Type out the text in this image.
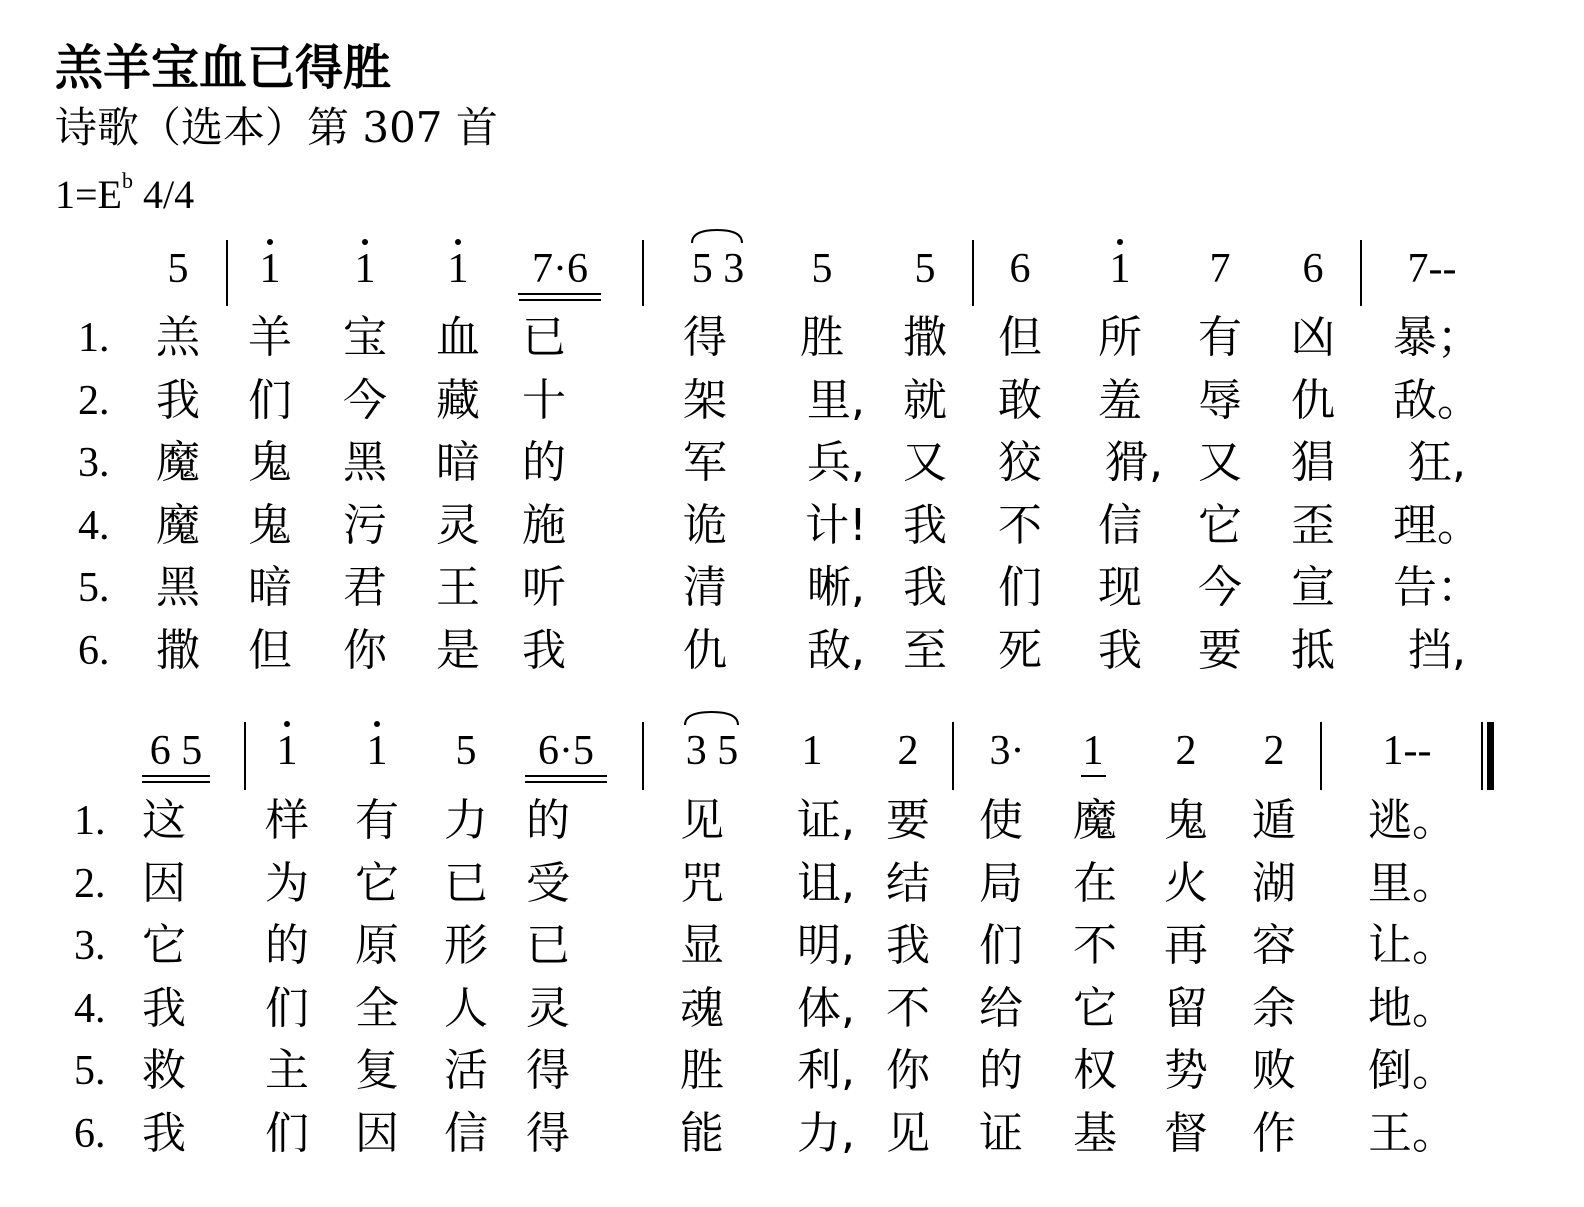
羔羊宝血已得胜
诗歌（选本）第 307 首
$1=E^b$ 4/4
5 1 1 1 7·6 5 3 5 5 6 1 7 6 7--
1. 羔 羊 宝 血 已	得 胜 撒 但 所 有 凶 暴；
2. 我 们 今 藏 十	架 里, 就 敢 羞 辱 仇 敌。
3. 魔 鬼 黑 暗 的	军 兵, 又 狡 猾, 又 猖 狂,
4. 魔 鬼 污 灵 施	诡 计! 我 不 信 它 歪 理。
5. 黑 暗 君 王 听	清 晰, 我 们 现 今 宣 告：
6. 撒 但 你 是 我	仇 敌, 至 死 我 要 抵 挡,
6 5 1 1 5 6·5 3 5 1 2 3· 1 2 2 1--
1. 这 样 有 力 的	见 证, 要 使 魔 鬼 遁 逃。
2. 因 为 它 已 受	咒 诅, 结 局 在 火 湖 里。
3. 它 的 原 形 已	显 明, 我 们 不 再 容 让。
4. 我 们 全 人 灵	魂 体, 不 给 它 留 余 地。
5. 救 主 复 活 得	胜 利, 你 的 权 势 败 倒。
6. 我 们 因 信 得	能 力, 见 证 基 督 作 王。
